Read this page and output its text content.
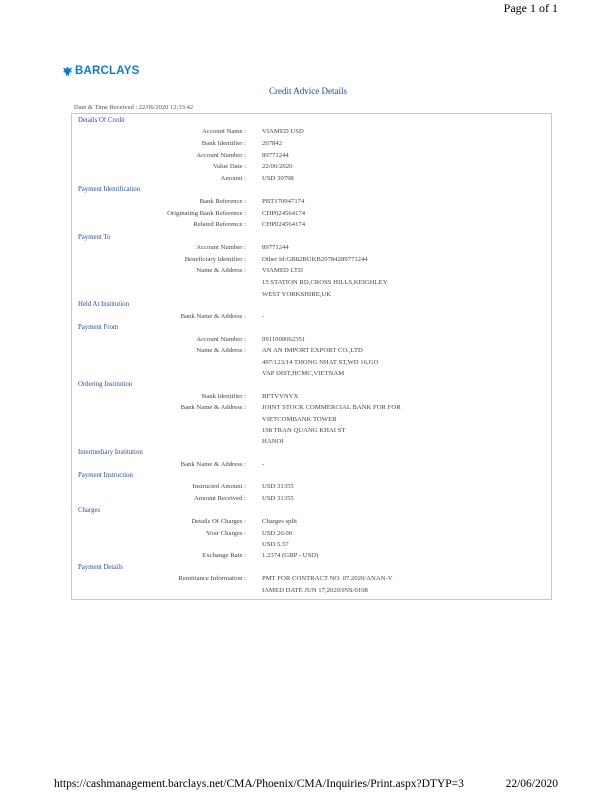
Page 1 of 1
BARCLAYS
Credit Advice Details
Date & Time Received : 22/06/2020 12:33:42
Details Of Credit
Account Name : VIAMED USD
Bank Identifier : 207842
Account Number : 89771244
Value Date : 22/06/2020
Amount : USD 30798
Payment Identification
Bank Reference : PBT170947174
Originating Bank Reference : CHP024564174
Related Reference : CHP024564174
Payment To
Account Number : 89771244
Beneficiary Identifier : Other Id:GB82BUKB20784289771244
Name & Address : VIAMED LTD
15 STATION RD,CROSS HILLS,KEIGHLEY
WEST YORKSHIRE,UK
Held At Institution
Bank Name & Address : -
Payment From
Account Number : 0911000062351
Name & Address : AN AN IMPORT EXPORT CO.,LTD
497/123/14 THONG NHAT ST,WD 16,GO
VAP DIST,HCMC,VIETNAM
Ordering Institution
Bank Identifier : BFTVVNVX
Bank Name & Address : JOINT STOCK COMMERCIAL BANK FOR FOR
VIETCOMBANK TOWER
198 TRAN QUANG KHAI ST
HANOI
Intermediary Institution
Bank Name & Address : -
Payment Instruction
Instructed Amount : USD 31355
Amount Received : USD 31355
Charges
Details Of Charges : Charges split
Your Charges : USD 20.00
USD 5.57
Exchange Rate : 1.2374 (GBP - USD)
Payment Details
Remittance Information : PMT FOR CONTRACT NO. 07.2020/ANAN-V
IAMED DATE JUN 17,2020/INS/0108
https://cashmanagement.barclays.net/CMA/Phoenix/CMA/Inquiries/Print.aspx?DTYP=3	22/06/2020
